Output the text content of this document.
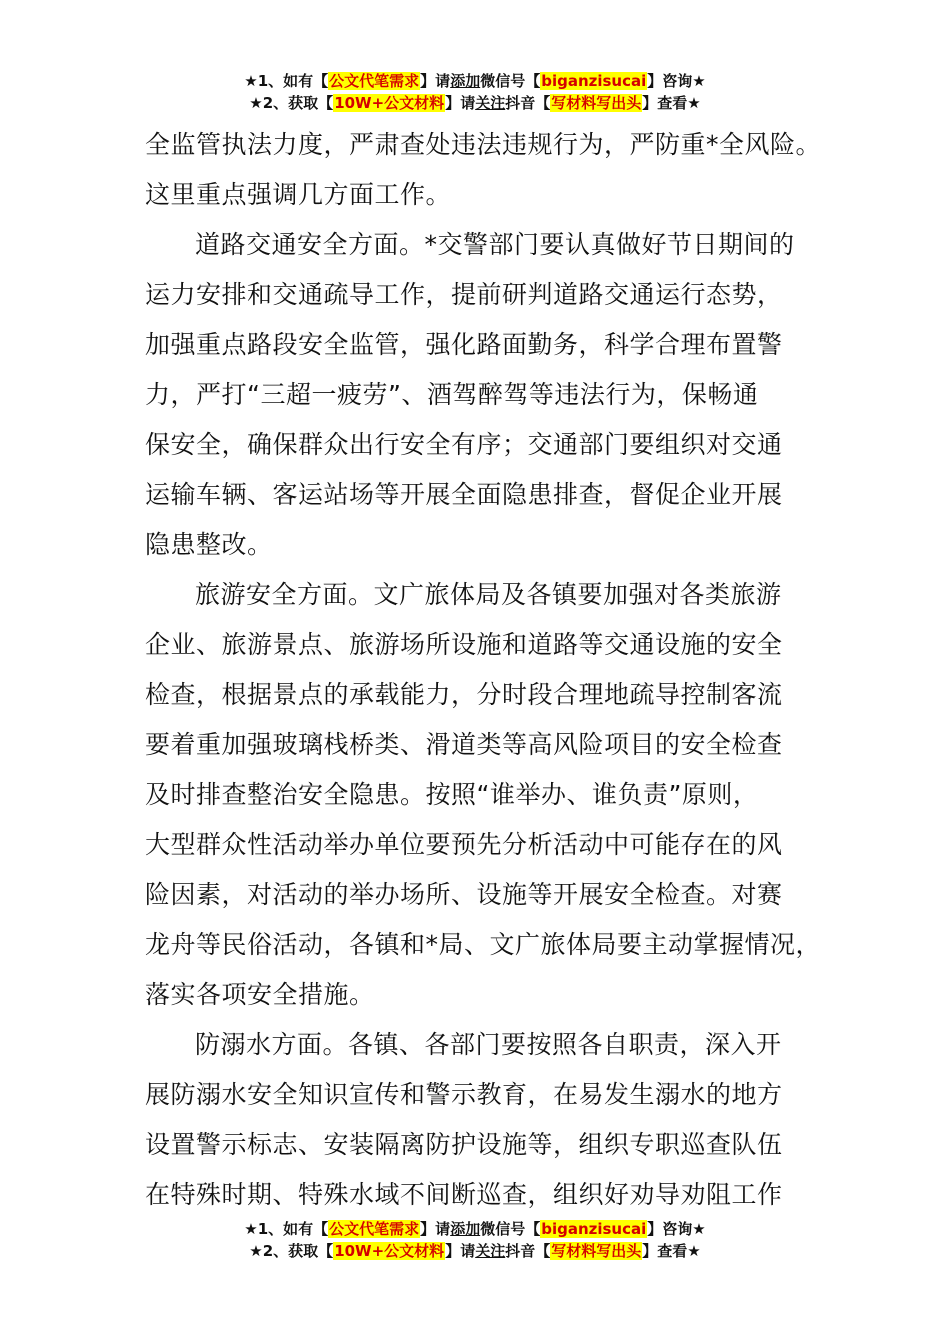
★1、如有【公文代笔需求】请添加微信号【biganzisucai】咨询★
★2、获取【10W+公文材料】请关注抖音【写材料写出头】查看★

全监管执法力度，严肃查处违法违规行为，严防重*全风险。
这里重点强调几方面工作。

道路交通安全方面。*交警部门要认真做好节日期间的
运力安排和交通疏导工作，提前研判道路交通运行态势，
加强重点路段安全监管，强化路面勤务，科学合理布置警
力，严打“三超一疲劳”、酒驾醉驾等违法行为，保畅通
保安全，确保群众出行安全有序；交通部门要组织对交通
运输车辆、客运站场等开展全面隐患排查，督促企业开展
隐患整改。

旅游安全方面。文广旅体局及各镇要加强对各类旅游
企业、旅游景点、旅游场所设施和道路等交通设施的安全
检查，根据景点的承载能力，分时段合理地疏导控制客流
要着重加强玻璃栈桥类、滑道类等高风险项目的安全检查
及时排查整治安全隐患。按照“谁举办、谁负责”原则，
大型群众性活动举办单位要预先分析活动中可能存在的风
险因素，对活动的举办场所、设施等开展安全检查。对赛
龙舟等民俗活动，各镇和*局、文广旅体局要主动掌握情况，
落实各项安全措施。

防溺水方面。各镇、各部门要按照各自职责，深入开
展防溺水安全知识宣传和警示教育，在易发生溺水的地方
设置警示标志、安装隔离防护设施等，组织专职巡查队伍
在特殊时期、特殊水域不间断巡查，组织好劝导劝阻工作

★1、如有【公文代笔需求】请添加微信号【biganzisucai】咨询★
★2、获取【10W+公文材料】请关注抖音【写材料写出头】查看★
